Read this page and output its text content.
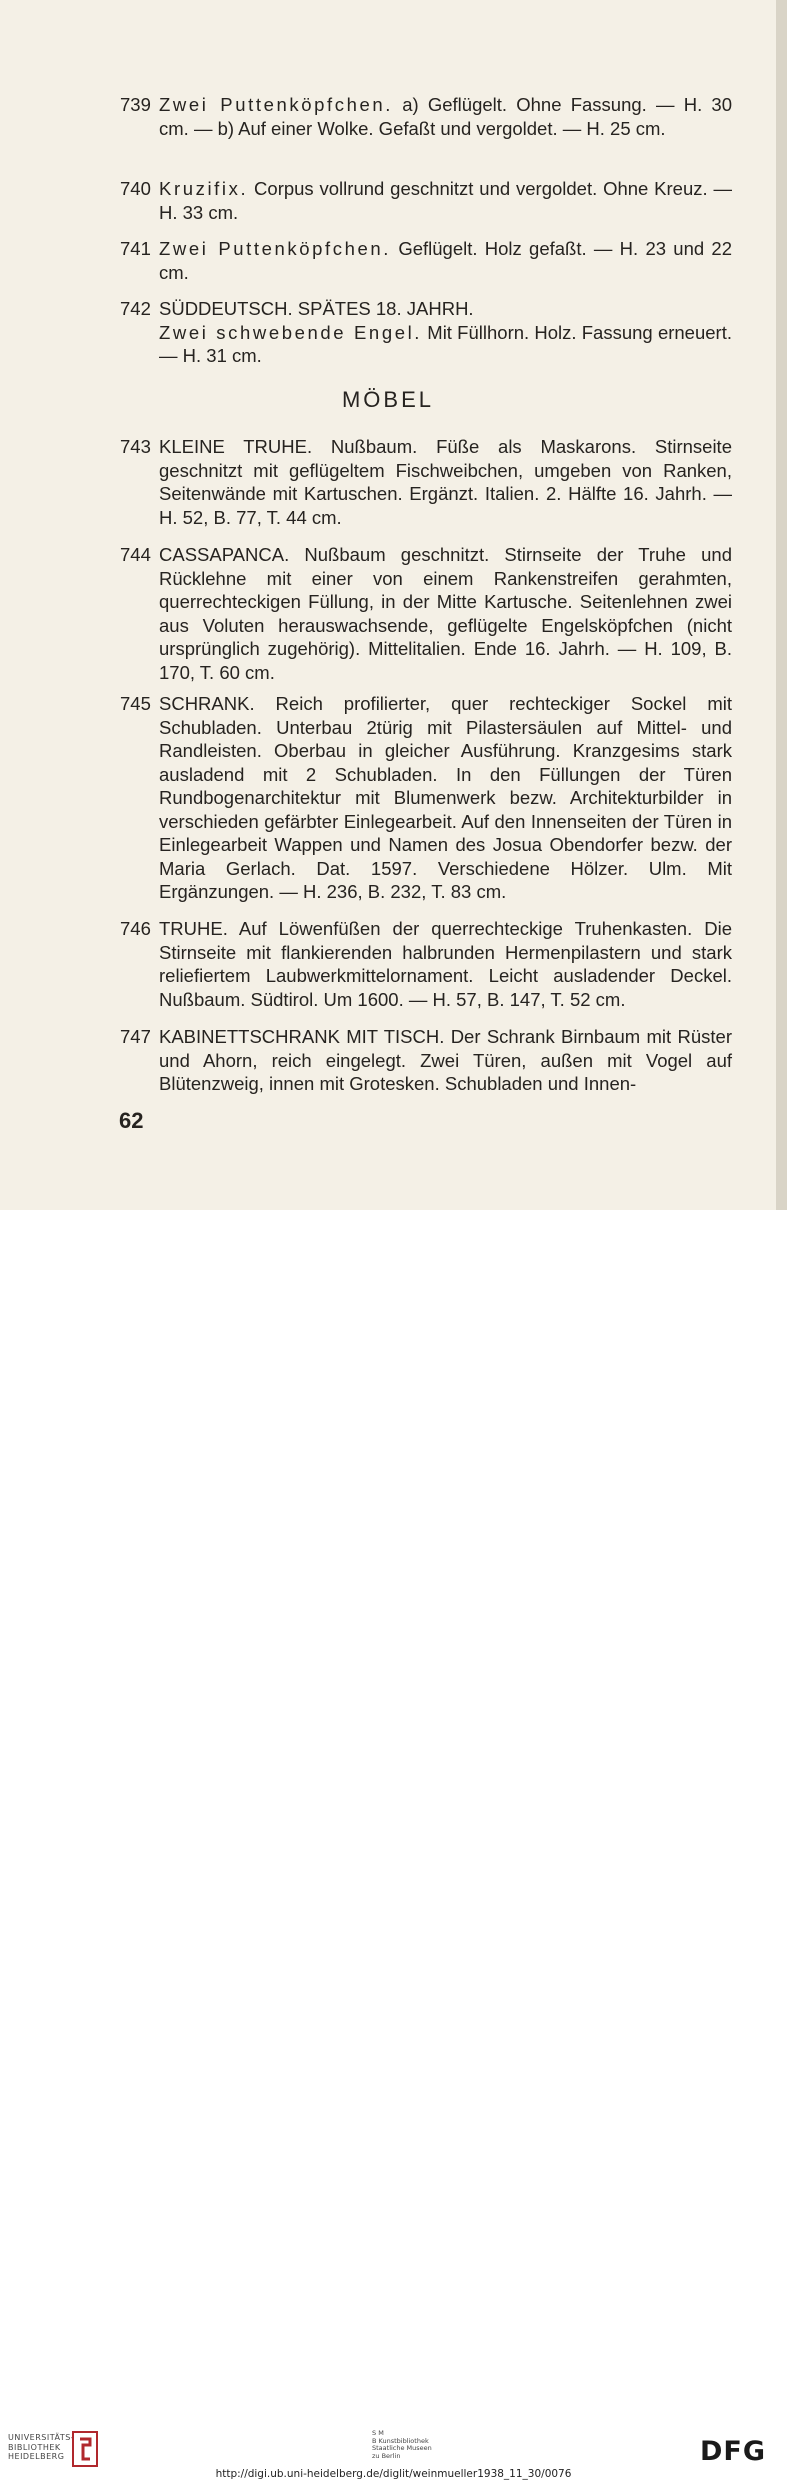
739 Zwei Puttenköpfchen. a) Geflügelt. Ohne Fassung. — H. 30 cm. — b) Auf einer Wolke. Gefaßt und vergoldet. — H. 25 cm.
740 Kruzifix. Corpus vollrund geschnitzt und vergoldet. Ohne Kreuz. — H. 33 cm.
741 Zwei Puttenköpfchen. Geflügelt. Holz gefaßt. — H. 23 und 22 cm.
742 SÜDDEUTSCH. SPÄTES 18. JAHRH.
Zwei schwebende Engel. Mit Füllhorn. Holz. Fassung erneuert. — H. 31 cm.
MÖBEL
743 KLEINE TRUHE. Nußbaum. Füße als Maskarons. Stirnseite geschnitzt mit geflügeltem Fischweibchen, umgeben von Ranken, Seitenwände mit Kartuschen. Ergänzt. Italien. 2. Hälfte 16. Jahrh. — H. 52, B. 77, T. 44 cm.
744 CASSAPANCA. Nußbaum geschnitzt. Stirnseite der Truhe und Rücklehne mit einer von einem Rankenstreifen gerahmten, querrechteckigen Füllung, in der Mitte Kartusche. Seitenlehnen zwei aus Voluten herauswachsende, geflügelte Engelsköpfchen (nicht ursprünglich zugehörig). Mittelitalien. Ende 16. Jahrh. — H. 109, B. 170, T. 60 cm.
745 SCHRANK. Reich profilierter, quer rechteckiger Sockel mit Schubladen. Unterbau 2türig mit Pilastersäulen auf Mittel- und Randleisten. Oberbau in gleicher Ausführung. Kranzgesims stark ausladend mit 2 Schubladen. In den Füllungen der Türen Rundbogenarchitektur mit Blumenwerk bezw. Architekturbilder in verschieden gefärbter Einlegearbeit. Auf den Innenseiten der Türen in Einlegearbeit Wappen und Namen des Josua Obendorfer bezw. der Maria Gerlach. Dat. 1597. Verschiedene Hölzer. Ulm. Mit Ergänzungen. — H. 236, B. 232, T. 83 cm.
746 TRUHE. Auf Löwenfüßen der querrechteckige Truhenkasten. Die Stirnseite mit flankierenden halbrunden Hermenpilastern und stark reliefiertem Laubwerkmittelornament. Leicht ausladender Deckel. Nußbaum. Südtirol. Um 1600. — H. 57, B. 147, T. 52 cm.
747 KABINETTSCHRANK MIT TISCH. Der Schrank Birnbaum mit Rüster und Ahorn, reich eingelegt. Zwei Türen, außen mit Vogel auf Blütenzweig, innen mit Grotesken. Schubladen und Innen-
62
UNIVERSITÄTS-
BIBLIOTHEK
HEIDELBERG
S M
B Kunstbibliothek
Staatliche Museen
zu Berlin	DFG
http://digi.ub.uni-heidelberg.de/diglit/weinmueller1938_11_30/0076
